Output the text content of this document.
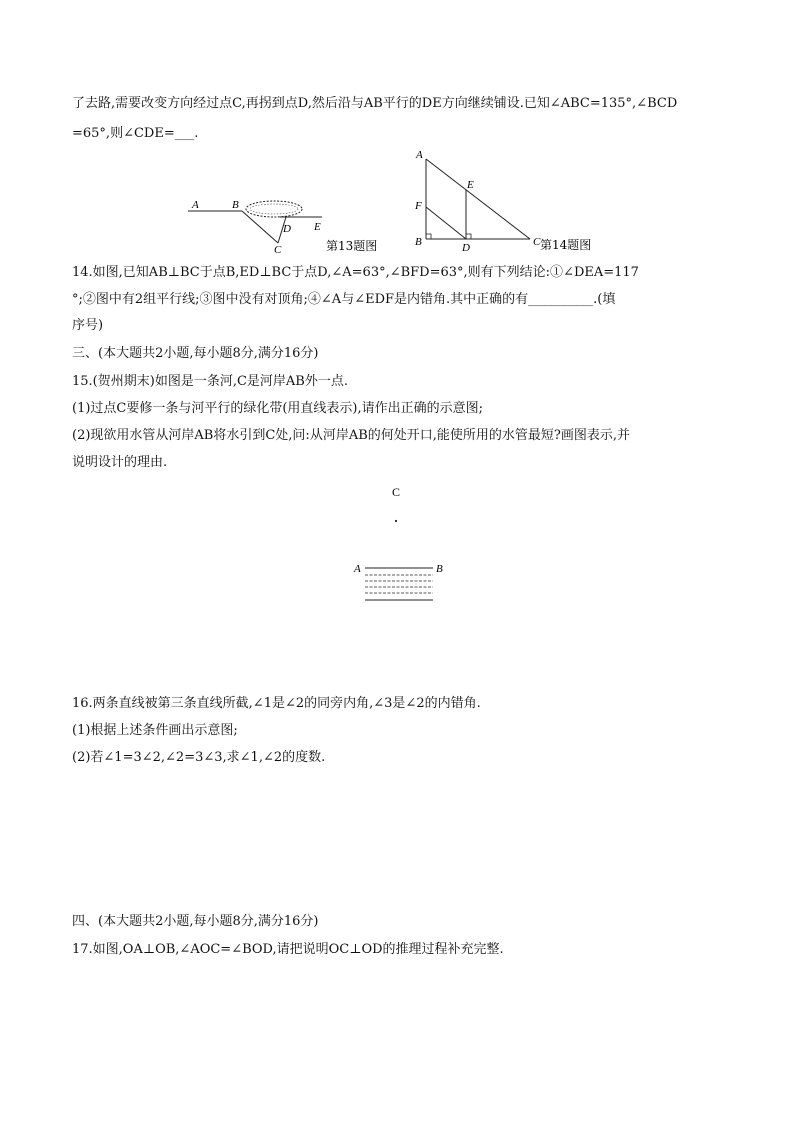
了去路,需要改变方向经过点C,再拐到点D,然后沿与AB平行的DE方向继续铺设.已知∠ABC=135°,∠BCD
=65°,则∠CDE=___.
A	B
C
D E
第13题图
A
E
F
B	D	C 第14题图
14.如图,已知AB⊥BC于点B,ED⊥BC于点D,∠A=63°,∠BFD=63°,则有下列结论:①∠DEA=117
°;②图中有2组平行线;③图中没有对顶角;④∠A与∠EDF是内错角.其中正确的有__________.(填
序号)
三、(本大题共2小题,每小题8分,满分16分)
15.(贺州期末)如图是一条河,C是河岸AB外一点.
(1)过点C要修一条与河平行的绿化带(用直线表示),请作出正确的示意图;
(2)现欲用水管从河岸AB将水引到C处,问:从河岸AB的何处开口,能使所用的水管最短?画图表示,并
说明设计的理由.
C
A	B
16.两条直线被第三条直线所截,∠1是∠2的同旁内角,∠3是∠2的内错角.
(1)根据上述条件画出示意图;
(2)若∠1=3∠2,∠2=3∠3,求∠1,∠2的度数.
四、(本大题共2小题,每小题8分,满分16分)
17.如图,OA⊥OB,∠AOC=∠BOD,请把说明OC⊥OD的推理过程补充完整.
